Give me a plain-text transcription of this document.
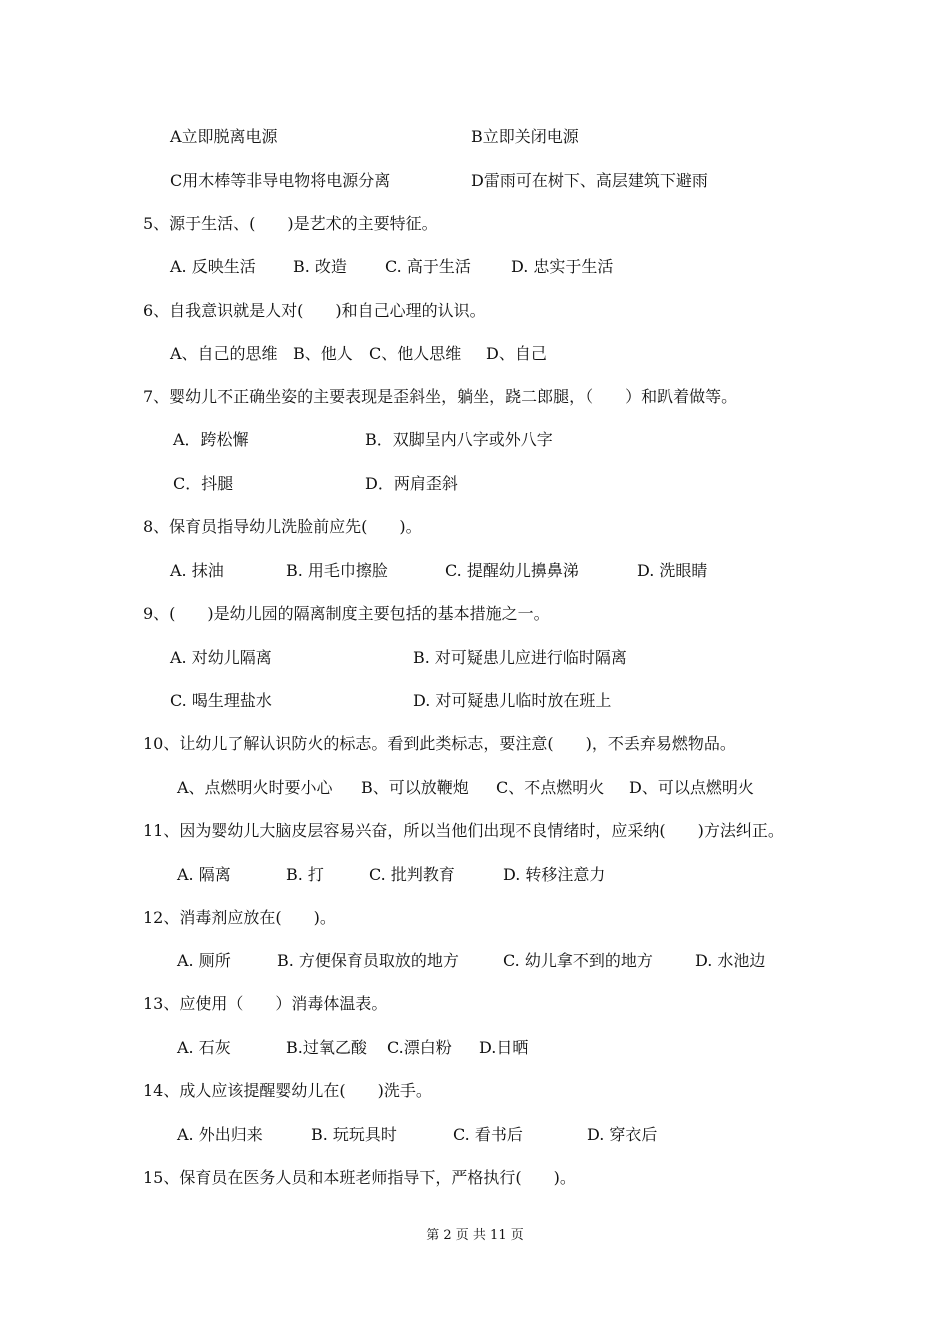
A立即脱离电源	B立即关闭电源
C用木棒等非导电物将电源分离	D雷雨可在树下、高层建筑下避雨
5、源于生活、(　　)是艺术的主要特征。
A. 反映生活 B. 改造 C. 高于生活	D. 忠实于生活
6、自我意识就是人对(　　)和自己心理的认识。
A、自己的思维 B、他人 C、他人思维 D、自己
7、婴幼儿不正确坐姿的主要表现是歪斜坐，躺坐，跷二郎腿，（　　）和趴着做等。
A．跨松懈	B．双脚呈内八字或外八字
C．抖腿	D．两肩歪斜
8、保育员指导幼儿洗脸前应先(　　)。
A. 抹油	B. 用毛巾擦脸	C. 提醒幼儿擤鼻涕	D. 洗眼睛
9、(　　)是幼儿园的隔离制度主要包括的基本措施之一。
A. 对幼儿隔离	B. 对可疑患儿应进行临时隔离
C. 喝生理盐水	D. 对可疑患儿临时放在班上
10、让幼儿了解认识防火的标志。看到此类标志，要注意(　　)，不丢弃易燃物品。
A、点燃明火时要小心 B、可以放鞭炮 C、不点燃明火 D、可以点燃明火
11、因为婴幼儿大脑皮层容易兴奋，所以当他们出现不良情绪时，应采纳(　　)方法纠正。
A. 隔离	B. 打	C. 批判教育	D. 转移注意力
12、消毒剂应放在(　　)。
A. 厕所	B. 方便保育员取放的地方	C. 幼儿拿不到的地方	D. 水池边
13、应使用（　　）消毒体温表。
A. 石灰	B.过氧乙酸 C.漂白粉 D.日晒
14、成人应该提醒婴幼儿在(　　)洗手。
A. 外出归来	B. 玩玩具时	C. 看书后	D. 穿衣后
15、保育员在医务人员和本班老师指导下，严格执行(　　)。
第 2 页 共 11 页
